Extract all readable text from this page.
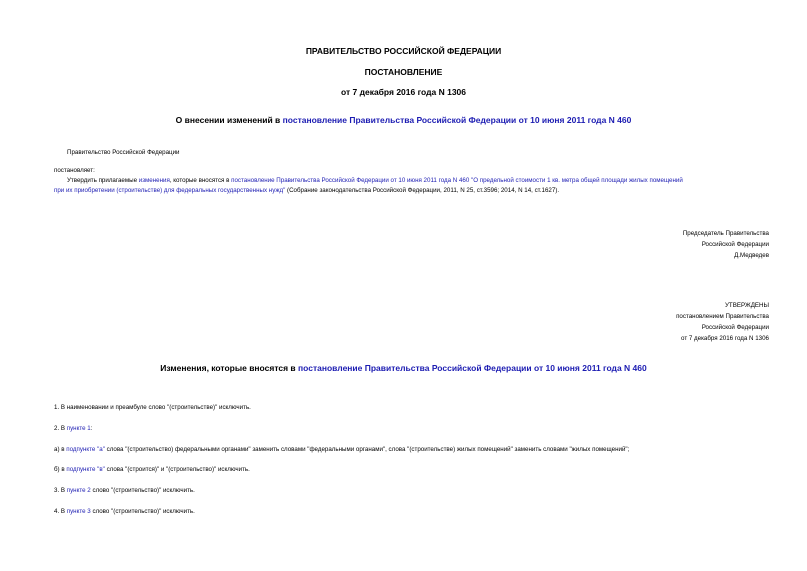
ПРАВИТЕЛЬСТВО РОССИЙСКОЙ ФЕДЕРАЦИИ
ПОСТАНОВЛЕНИЕ
от 7 декабря 2016 года N 1306
О внесении изменений в постановление Правительства Российской Федерации от 10 июня 2011 года N 460
Правительство Российской Федерации
постановляет:
Утвердить прилагаемые изменения, которые вносятся в постановление Правительства Российской Федерации от 10 июня 2011 года N 460 "О предельной стоимости 1 кв. метра общей площади жилых помещений
при их приобретении (строительстве) для федеральных государственных нужд" (Собрание законодательства Российской Федерации, 2011, N 25, ст.3596; 2014, N 14, ст.1627).
Председатель Правительства
Российской Федерации
Д.Медведев
УТВЕРЖДЕНЫ
постановлением Правительства
Российской Федерации
от 7 декабря 2016 года N 1306
Изменения, которые вносятся в постановление Правительства Российской Федерации от 10 июня 2011 года N 460
1. В наименовании и преамбуле слово "(строительстве)" исключить.
2. В пункте 1:
а) в подпункте "а" слова "(строительство) федеральными органами" заменить словами "федеральными органами", слова "(строительстве) жилых помещений" заменить словами "жилых помещений";
б) в подпункте "в" слова "(строится)" и "(строительство)" исключить.
3. В пункте 2 слово "(строительство)" исключить.
4. В пункте 3 слово "(строительство)" исключить.
